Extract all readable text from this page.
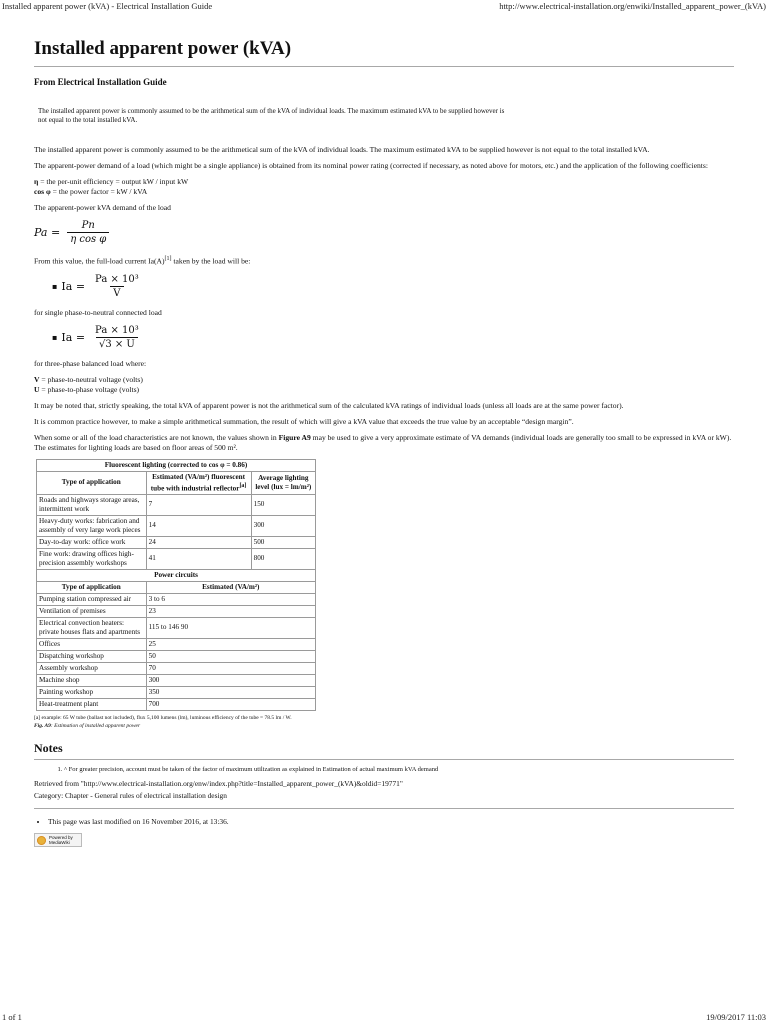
Installed apparent power (kVA) - Electrical Installation Guide	http://www.electrical-installation.org/enwiki/Installed_apparent_power_(kVA)
Installed apparent power (kVA)
From Electrical Installation Guide
The installed apparent power is commonly assumed to be the arithmetical sum of the kVA of individual loads. The maximum estimated kVA to be supplied however is not equal to the total installed kVA.

The installed apparent power is commonly assumed to be the arithmetical sum of the kVA of individual loads. The maximum estimated kVA to be supplied however is not equal to the total installed kVA.

The apparent-power demand of a load (which might be a single appliance) is obtained from its nominal power rating (corrected if necessary, as noted above for motors, etc.) and the application of the following coefficients:

η = the per-unit efficiency = output kW / input kW
cos φ = the power factor = kW / kVA

The apparent-power kVA demand of the load

$Pa = \frac{Pn}{\text{η cos φ}}$

From this value, the full-load current Ia(A)[1] taken by the load will be:

▪ $Ia = \frac{\text{Pa × 10³}}{V}$

for single phase-to-neutral connected load

▪ $Ia = \frac{\text{Pa × 10³}}{√3 \times U}$

for three-phase balanced load where:

V = phase-to-neutral voltage (volts)
U = phase-to-phase voltage (volts)

It may be noted that, strictly speaking, the total kVA of apparent power is not the arithmetical sum of the calculated kVA ratings of individual loads (unless all loads are at the same power factor).

It is common practice however, to make a simple arithmetical summation, the result of which will give a kVA value that exceeds the true value by an acceptable “design margin”.

When some or all of the load characteristics are not known, the values shown in Figure A9 may be used to give a very approximate estimate of VA demands (individual loads are generally too small to be expressed in kVA or kW). The estimates for lighting loads are based on floor areas of 500 m².

Fluorescent lighting (corrected to cos φ = 0.86)		
Type of application	Estimated (VA/m²) fluorescent tube with industrial reflector[a]	Average lighting level (lux = lm/m²)
Roads and highways storage areas, intermittent work	7	150
Heavy-duty works: fabrication and assembly of very large work pieces	14	300
Day-to-day work: office work	24	500
Fine work: drawing offices high-precision assembly workshops	41	800
Power circuits		
Type of application	Estimated (VA/m²)	
Pumping station compressed air	3 to 6	
Ventilation of premises	23	
Electrical convection heaters: private houses flats and apartments	115 to 146 90	
Offices	25	
Dispatching workshop	50	
Assembly workshop	70	
Machine shop	300	
Painting workshop	350	
Heat-treatment plant	700	
[a] example: 65 W tube (ballast not included), flux 5,100 lumens (lm), luminous efficiency of the tube = 78.5 lm / W.
Fig. A9: Estimation of installed apparent power
Notes
1. ^ For greater precision, account must be taken of the factor of maximum utilization as explained in Estimation of actual maximum kVA demand
Retrieved from "http://www.electrical-installation.org/enw/index.php?title=Installed_apparent_power_(kVA)&oldid=19771"
Category: Chapter - General rules of electrical installation design
• This page was last modified on 16 November 2016, at 13:36.
Powered by MediaWiki
1 of 1	19/09/2017 11:03
